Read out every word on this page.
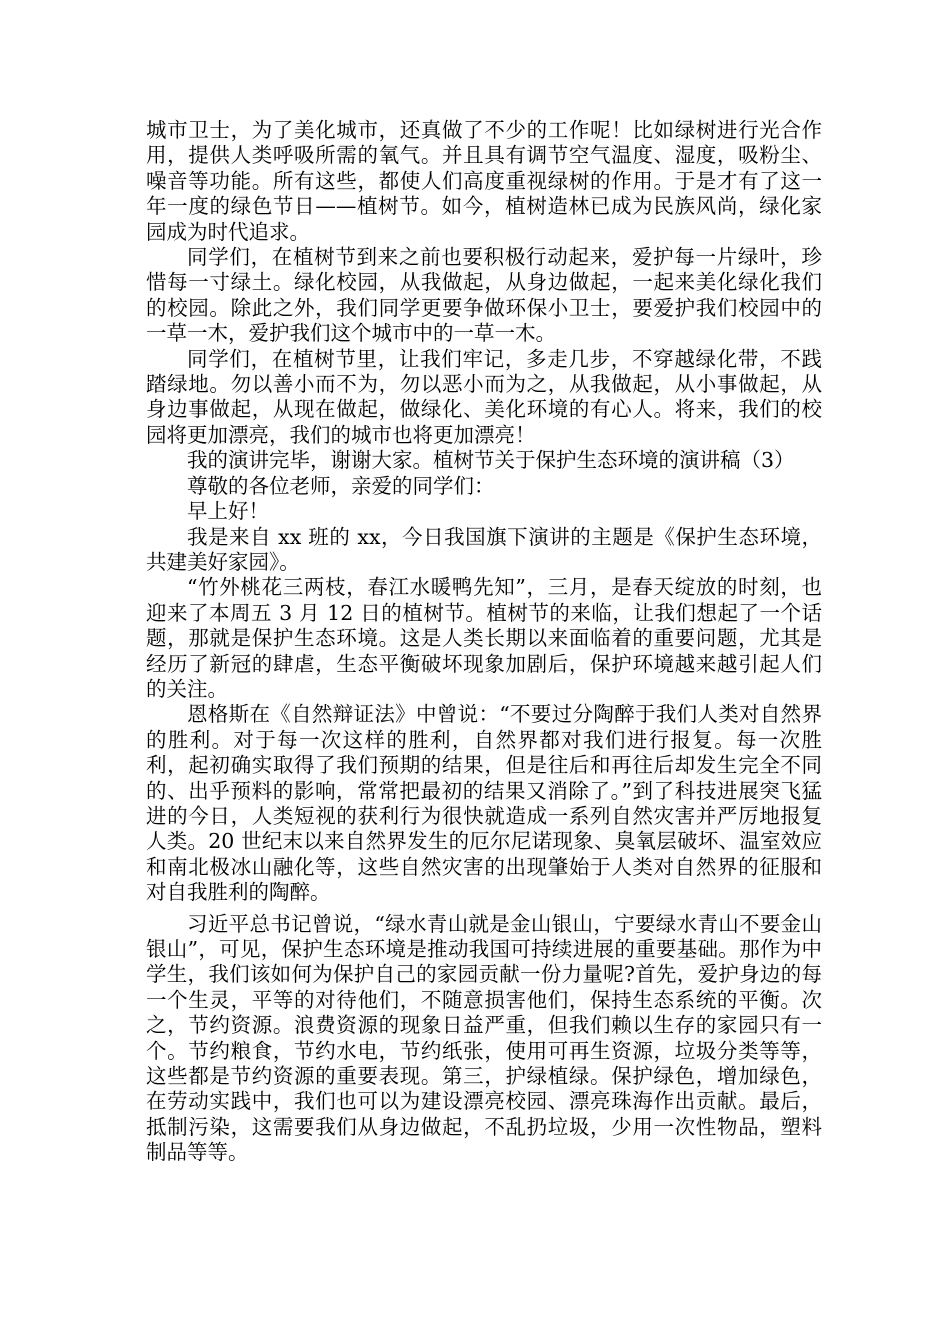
城市卫士，为了美化城市，还真做了不少的工作呢！比如绿树进行光合作用，提供人类呼吸所需的氧气。并且具有调节空气温度、湿度，吸粉尘、噪音等功能。所有这些，都使人们高度重视绿树的作用。于是才有了这一年一度的绿色节日——植树节。如今，植树造林已成为民族风尚，绿化家园成为时代追求。

同学们，在植树节到来之前也要积极行动起来，爱护每一片绿叶，珍惜每一寸绿土。绿化校园，从我做起，从身边做起，一起来美化绿化我们的校园。除此之外，我们同学更要争做环保小卫士，要爱护我们校园中的一草一木，爱护我们这个城市中的一草一木。

同学们，在植树节里，让我们牢记，多走几步，不穿越绿化带，不践踏绿地。勿以善小而不为，勿以恶小而为之，从我做起，从小事做起，从身边事做起，从现在做起，做绿化、美化环境的有心人。将来，我们的校园将更加漂亮，我们的城市也将更加漂亮！

我的演讲完毕，谢谢大家。植树节关于保护生态环境的演讲稿（3）

尊敬的各位老师，亲爱的同学们：

早上好！

我是来自 xx 班的 xx，今日我国旗下演讲的主题是《保护生态环境，共建美好家园》。

“竹外桃花三两枝，春江水暖鸭先知”，三月，是春天绽放的时刻，也迎来了本周五 3 月 12 日的植树节。植树节的来临，让我们想起了一个话题，那就是保护生态环境。这是人类长期以来面临着的重要问题，尤其是经历了新冠的肆虐，生态平衡破坏现象加剧后，保护环境越来越引起人们的关注。

恩格斯在《自然辩证法》中曾说：“不要过分陶醉于我们人类对自然界的胜利。对于每一次这样的胜利，自然界都对我们进行报复。每一次胜利，起初确实取得了我们预期的结果，但是往后和再往后却发生完全不同的、出乎预料的影响，常常把最初的结果又消除了。”到了科技进展突飞猛进的今日，人类短视的获利行为很快就造成一系列自然灾害并严厉地报复人类。20 世纪末以来自然界发生的厄尔尼诺现象、臭氧层破坏、温室效应和南北极冰山融化等，这些自然灾害的出现肇始于人类对自然界的征服和对自我胜利的陶醉。

习近平总书记曾说，“绿水青山就是金山银山，宁要绿水青山不要金山银山”，可见，保护生态环境是推动我国可持续进展的重要基础。那作为中学生，我们该如何为保护自己的家园贡献一份力量呢?首先，爱护身边的每一个生灵，平等的对待他们，不随意损害他们，保持生态系统的平衡。次之，节约资源。浪费资源的现象日益严重，但我们赖以生存的家园只有一个。节约粮食，节约水电，节约纸张，使用可再生资源，垃圾分类等等，这些都是节约资源的重要表现。第三，护绿植绿。保护绿色，增加绿色，在劳动实践中，我们也可以为建设漂亮校园、漂亮珠海作出贡献。最后，抵制污染，这需要我们从身边做起，不乱扔垃圾，少用一次性物品，塑料制品等等。
